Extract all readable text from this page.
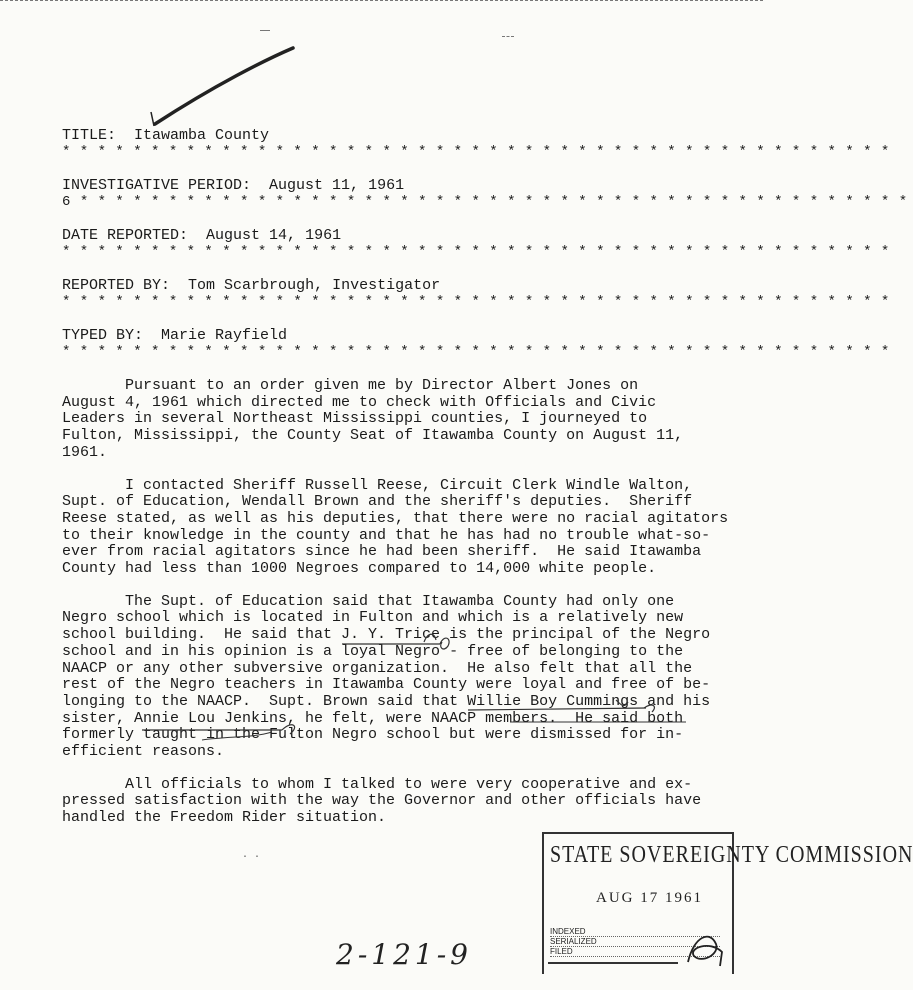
TITLE: Itawamba County

* * * * * * * * * * * * * * * * * * * * * * * * * * * * * * * * * * * * * * * * * * * * * * *

INVESTIGATIVE PERIOD: August 11, 1961

6 * * * * * * * * * * * * * * * * * * * * * * * * * * * * * * * * * * * * * * * * * * * * * * *

DATE REPORTED: August 14, 1961

* * * * * * * * * * * * * * * * * * * * * * * * * * * * * * * * * * * * * * * * * * * * * * *

REPORTED BY: Tom Scarbrough, Investigator

* * * * * * * * * * * * * * * * * * * * * * * * * * * * * * * * * * * * * * * * * * * * * * *

TYPED BY: Marie Rayfield

* * * * * * * * * * * * * * * * * * * * * * * * * * * * * * * * * * * * * * * * * * * * * * *

Pursuant to an order given me by Director Albert Jones on
August 4, 1961 which directed me to check with Officials and Civic
Leaders in several Northeast Mississippi counties, I journeyed to
Fulton, Mississippi, the County Seat of Itawamba County on August 11,
1961.

I contacted Sheriff Russell Reese, Circuit Clerk Windle Walton,
Supt. of Education, Wendall Brown and the sheriff's deputies.  Sheriff
Reese stated, as well as his deputies, that there were no racial agitators
to their knowledge in the county and that he has had no trouble what-so-
ever from racial agitators since he had been sheriff.  He said Itawamba
County had less than 1000 Negroes compared to 14,000 white people.

The Supt. of Education said that Itawamba County had only one
Negro school which is located in Fulton and which is a relatively new
school building.  He said that J. Y. Trice is the principal of the Negro
school and in his opinion is a loyal Negro - free of belonging to the
NAACP or any other subversive organization.  He also felt that all the
rest of the Negro teachers in Itawamba County were loyal and free of be-
longing to the NAACP.  Supt. Brown said that Willie Boy Cummings and his
sister, Annie Lou Jenkins, he felt, were NAACP members.  He said both
formerly taught in the Fulton Negro school but were dismissed for in-
efficient reasons.

All officials to whom I talked to were very cooperative and ex-
pressed satisfaction with the way the Governor and other officials have
handled the Freedom Rider situation.

· ·	STATE SOVEREIGNTY COMMISSION
AUG 17 1961
INDEXED
SERIALIZED
FILED
2-121-9
